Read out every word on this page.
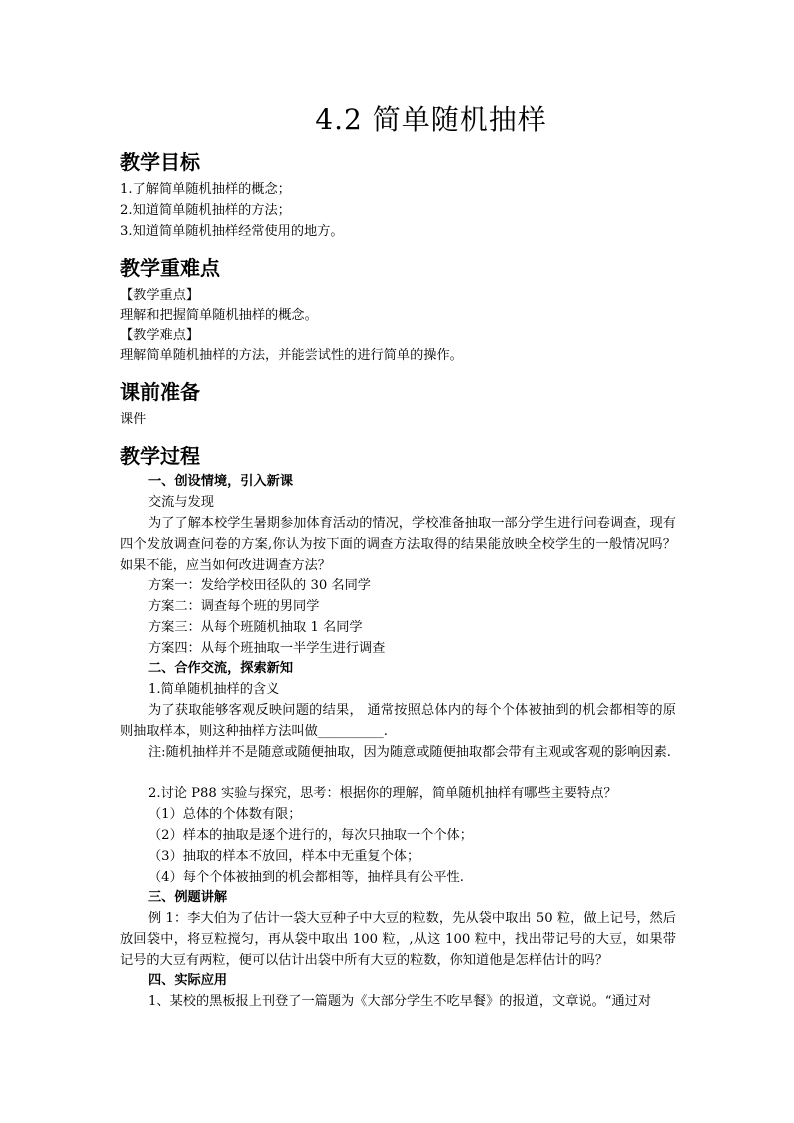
4.2 简单随机抽样
教学目标

1.了解简单随机抽样的概念；

2.知道简单随机抽样的方法；

3.知道简单随机抽样经常使用的地方。

教学重难点

【教学重点】

理解和把握简单随机抽样的概念。

【教学难点】

理解简单随机抽样的方法，并能尝试性的进行简单的操作。

课前准备

课件

教学过程

一、创设情境，引入新课

交流与发现

为了了解本校学生暑期参加体育活动的情况，学校准备抽取一部分学生进行问卷调查，现有四个发放调查问卷的方案,你认为按下面的调查方法取得的结果能放映全校学生的一般情况吗？如果不能，应当如何改进调查方法？

方案一：发给学校田径队的 30 名同学

方案二：调查每个班的男同学

方案三：从每个班随机抽取 1 名同学

方案四：从每个班抽取一半学生进行调查

二、合作交流，探索新知

1.简单随机抽样的含义

为了获取能够客观反映问题的结果， 通常按照总体内的每个个体被抽到的机会都相等的原则抽取样本，则这种抽样方法叫做__________.

注:随机抽样并不是随意或随便抽取，因为随意或随便抽取都会带有主观或客观的影响因素.

2.讨论 P88 实验与探究，思考：根据你的理解，简单随机抽样有哪些主要特点？

（1）总体的个体数有限；

（2）样本的抽取是逐个进行的，每次只抽取一个个体；

（3）抽取的样本不放回，样本中无重复个体；

（4）每个个体被抽到的机会都相等，抽样具有公平性.

三、例题讲解

例 1：李大伯为了估计一袋大豆种子中大豆的粒数，先从袋中取出 50 粒，做上记号，然后放回袋中，将豆粒搅匀，再从袋中取出 100 粒，,从这 100 粒中，找出带记号的大豆，如果带记号的大豆有两粒，便可以估计出袋中所有大豆的粒数，你知道他是怎样估计的吗？

四、实际应用

1、某校的黑板报上刊登了一篇题为《大部分学生不吃早餐》的报道，文章说。“通过对
